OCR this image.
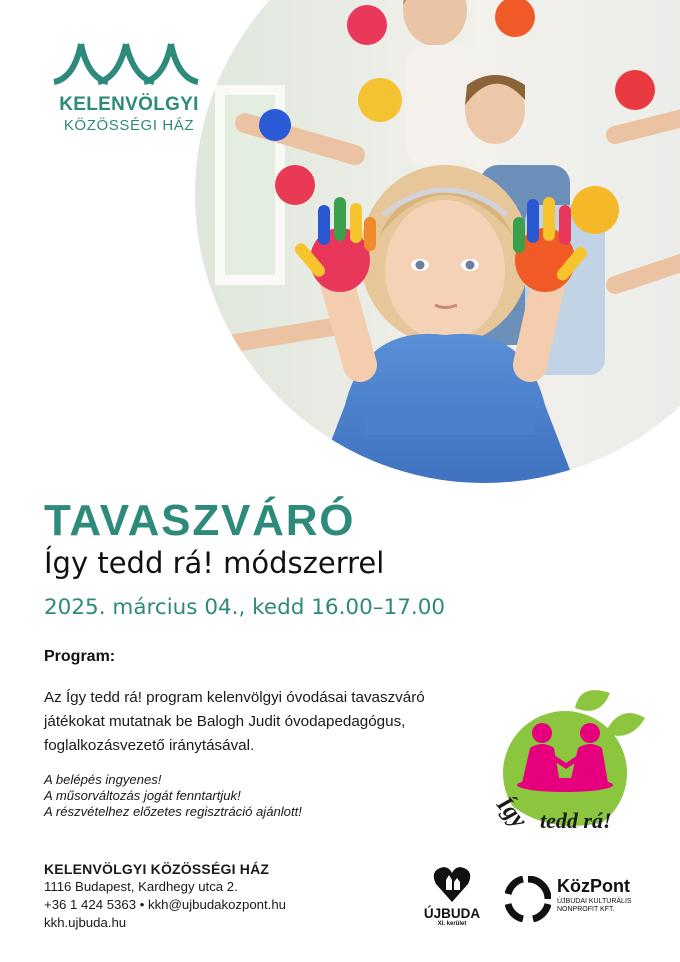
KELENVÖLGYI
KÖZÖSSÉGI HÁZ
TAVASZVÁRÓ
Így tedd rá! módszerrel
2025. március 04., kedd 16.00–17.00
Program:
Az Így tedd rá! program kelenvölgyi óvodásai tavaszváró játékokat mutatnak be Balogh Judit óvodapedagógus, foglalkozásvezető iránytásával.
A belépés ingyenes!
A műsorváltozás jogát fenntartjuk!
A részvételhez előzetes regisztráció ajánlott!	Így tedd rá!
KELENVÖLGYI KÖZÖSSÉGI HÁZ
1116 Budapest, Kardhegy utca 2.
+36 1 424 5363 • kkh@ujbudakozpont.hu
kkh.ujbuda.hu
ÚJBUDA
XI. kerület
KözPont
ÚJBUDAI KULTURÁLIS NONPROFIT KFT.
